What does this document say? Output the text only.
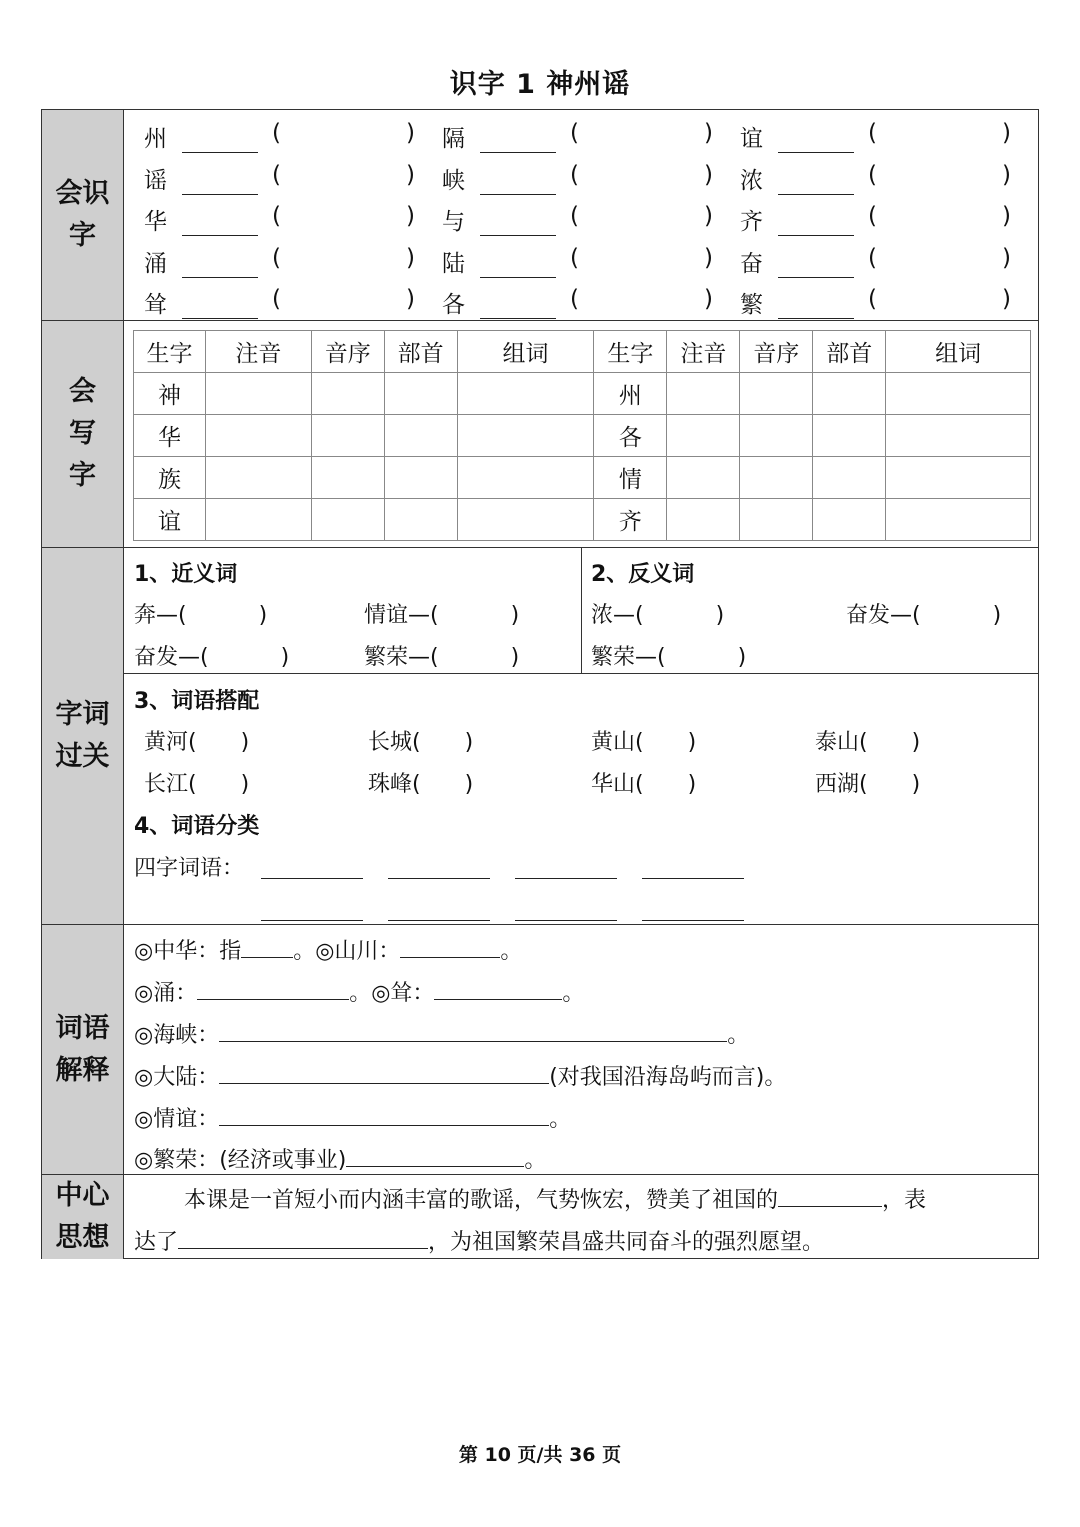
识字 1 神州谣
会识
字
州	(	) 隔	(	) 谊	(	)
谣	(	) 峡	(	) 浓	(	)
华	(	) 与	(	) 齐	(	)
涌	(	) 陆	(	) 奋	(	)
耸	(	) 各	(	) 繁	(	)
会
写
字
生字	注音	音序	部首	组词	生字	注音	音序	部首	组词
神					州				
华					各				
族					情				
谊					齐				
字词
过关
1、近义词
奔—(	)	情谊—(	)
奋发—(	)	繁荣—(	)
2、反义词
浓—(	)	奋发—(	)
繁荣—(	)
3、词语搭配
黄河( )	长城( )	黄山( )	泰山( )
长江( )	珠峰( )	华山( )	西湖( )
4、词语分类
四字词语：
词语
解释
◎中华：指 。◎山川：	。
◎涌：	。◎耸：	。
◎海峡：	。
◎大陆：	(对我国沿海岛屿而言)。
◎情谊：	。
◎繁荣：(经济或事业)	。
中心
思想
本课是一首短小而内涵丰富的歌谣，气势恢宏，赞美了祖国的	，表
达了	，为祖国繁荣昌盛共同奋斗的强烈愿望。
第 10 页/共 36 页
